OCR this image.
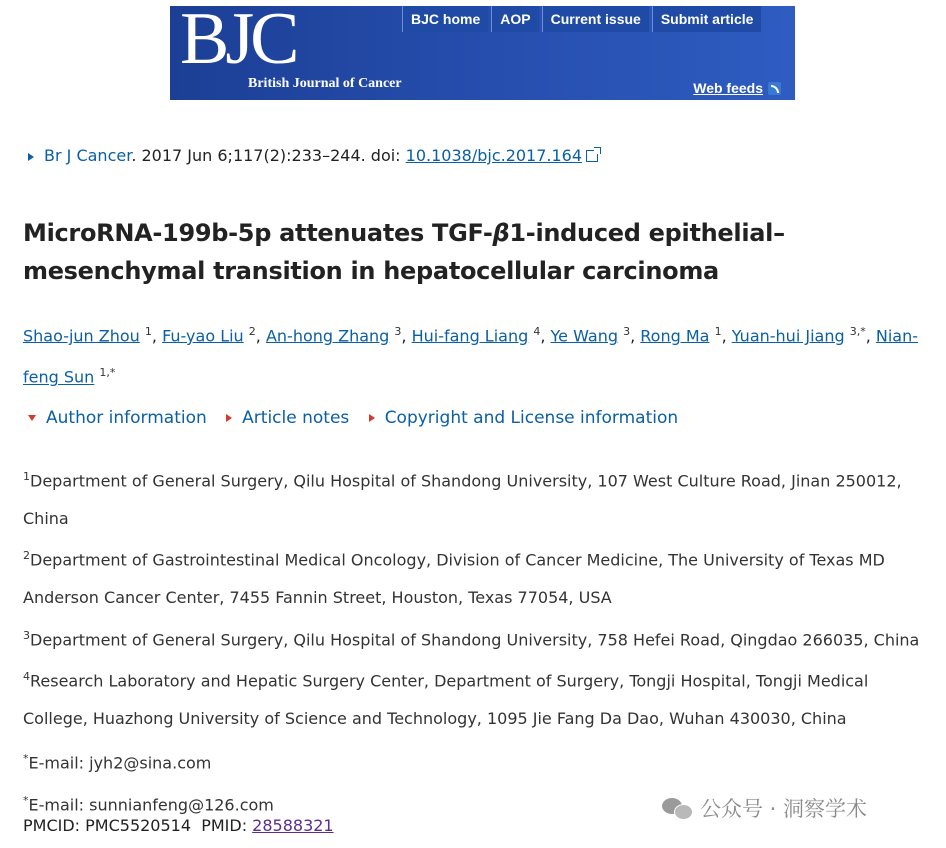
BJC
British Journal of Cancer
BJC home	AOP	Current issue	Submit article
Web feeds
Br J Cancer. 2017 Jun 6;117(2):233–244. doi: 10.1038/bjc.2017.164
MicroRNA-199b-5p attenuates TGF-β1-induced epithelial–mesenchymal transition in hepatocellular carcinoma
Shao-jun Zhou $^1$, Fu-yao Liu $^2$, An-hong Zhang $^3$, Hui-fang Liang $^4$, Ye Wang $^3$, Rong Ma $^1$, Yuan-hui Jiang $^{3,*}$, Nian-feng Sun $^{1,*}$
Author information Article notes Copyright and License information
$^1$Department of General Surgery, Qilu Hospital of Shandong University, 107 West Culture Road, Jinan 250012, China
$^2$Department of Gastrointestinal Medical Oncology, Division of Cancer Medicine, The University of Texas MD Anderson Cancer Center, 7455 Fannin Street, Houston, Texas 77054, USA
$^3$Department of General Surgery, Qilu Hospital of Shandong University, 758 Hefei Road, Qingdao 266035, China
$^4$Research Laboratory and Hepatic Surgery Center, Department of Surgery, Tongji Hospital, Tongji Medical College, Huazhong University of Science and Technology, 1095 Jie Fang Da Dao, Wuhan 430030, China
*E-mail: jyh2@sina.com
*E-mail: sunnianfeng@126.com
PMCID: PMC5520514 PMID: 28588321
公众号 · 洞察学术
